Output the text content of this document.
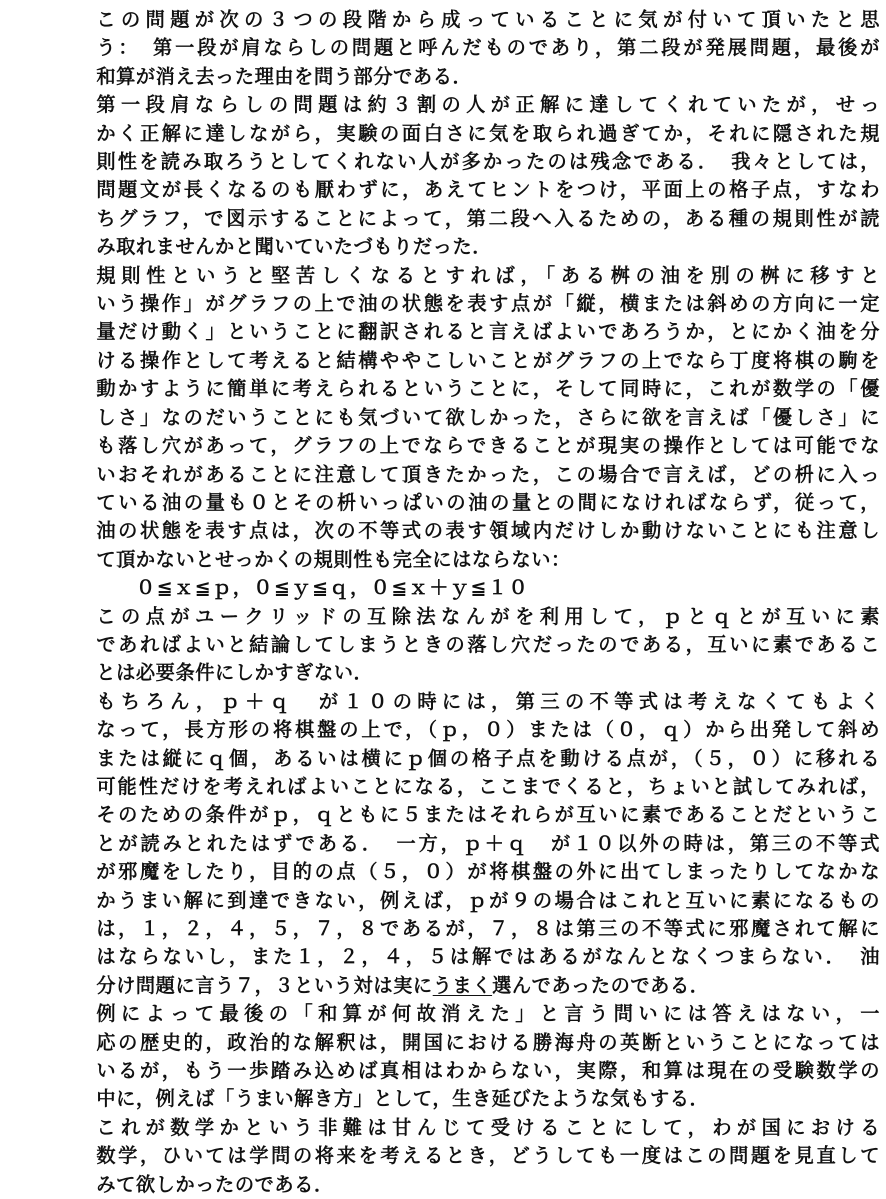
この問題が次の３つの段階から成っていることに気が付いて頂いたと思
う：　第一段が肩ならしの問題と呼んだものであり，第二段が発展問題，最後が
和算が消え去った理由を問う部分である．

第一段肩ならしの問題は約３割の人が正解に達してくれていたが，せっ
かく正解に達しながら，実験の面白さに気を取られ過ぎてか，それに隠された規
則性を読み取ろうとしてくれない人が多かったのは残念である．　我々としては，
問題文が長くなるのも厭わずに，あえてヒントをつけ，平面上の格子点，すなわ
ちグラフ，で図示することによって，第二段へ入るための，ある種の規則性が読
み取れませんかと聞いていたづもりだった．

規則性というと堅苦しくなるとすれば，「ある桝の油を別の桝に移すと
いう操作」がグラフの上で油の状態を表す点が「縦，横または斜めの方向に一定
量だけ動く」ということに翻訳されると言えばよいであろうか，とにかく油を分
ける操作として考えると結構ややこしいことがグラフの上でなら丁度将棋の駒を
動かすように簡単に考えられるということに，そして同時に，これが数学の「優
しさ」なのだいうことにも気づいて欲しかった，さらに欲を言えば「優しさ」に
も落し穴があって，グラフの上でならできることが現実の操作としては可能でな
いおそれがあることに注意して頂きたかった，この場合で言えば，どの枡に入っ
ている油の量も０とその枡いっぱいの油の量との間になければならず，従って，
油の状態を表す点は，次の不等式の表す領域内だけしか動けないことにも注意し
て頂かないとせっかくの規則性も完全にはならない：

０≦ｘ≦ｐ，０≦ｙ≦ｑ，０≦ｘ＋ｙ≦１０

この点がユークリッドの互除法なんがを利用して，ｐとｑとが互いに素
であればよいと結論してしまうときの落し穴だったのである，互いに素であるこ
とは必要条件にしかすぎない．

もちろん，ｐ＋ｑ　が１０の時には，第三の不等式は考えなくてもよく
なって，長方形の将棋盤の上で，（ｐ，０）または（０，ｑ）から出発して斜め
または縦にｑ個，あるいは横にｐ個の格子点を動ける点が，（５，０）に移れる
可能性だけを考えればよいことになる，ここまでくると，ちょいと試してみれば，
そのための条件がｐ，ｑともに５またはそれらが互いに素であることだというこ
とが読みとれたはずである．　一方，ｐ＋ｑ　が１０以外の時は，第三の不等式
が邪魔をしたり，目的の点（５，０）が将棋盤の外に出てしまったりしてなかな
かうまい解に到達できない，例えば，ｐが９の場合はこれと互いに素になるもの
は，１，２，４，５，７，８であるが，７，８は第三の不等式に邪魔されて解に
はならないし，また１，２，４，５は解ではあるがなんとなくつまらない．　油
分け問題に言う７，３という対は実にうまく選んであったのである．

例によって最後の「和算が何故消えた」と言う問いには答えはない，一
応の歴史的，政治的な解釈は，開国における勝海舟の英断ということになっては
いるが，もう一歩踏み込めば真相はわからない，実際，和算は現在の受験数学の
中に，例えば「うまい解き方」として，生き延びたような気もする．

これが数学かという非難は甘んじて受けることにして，わが国における
数学，ひいては学問の将来を考えるとき，どうしても一度はこの問題を見直して
みて欲しかったのである．
